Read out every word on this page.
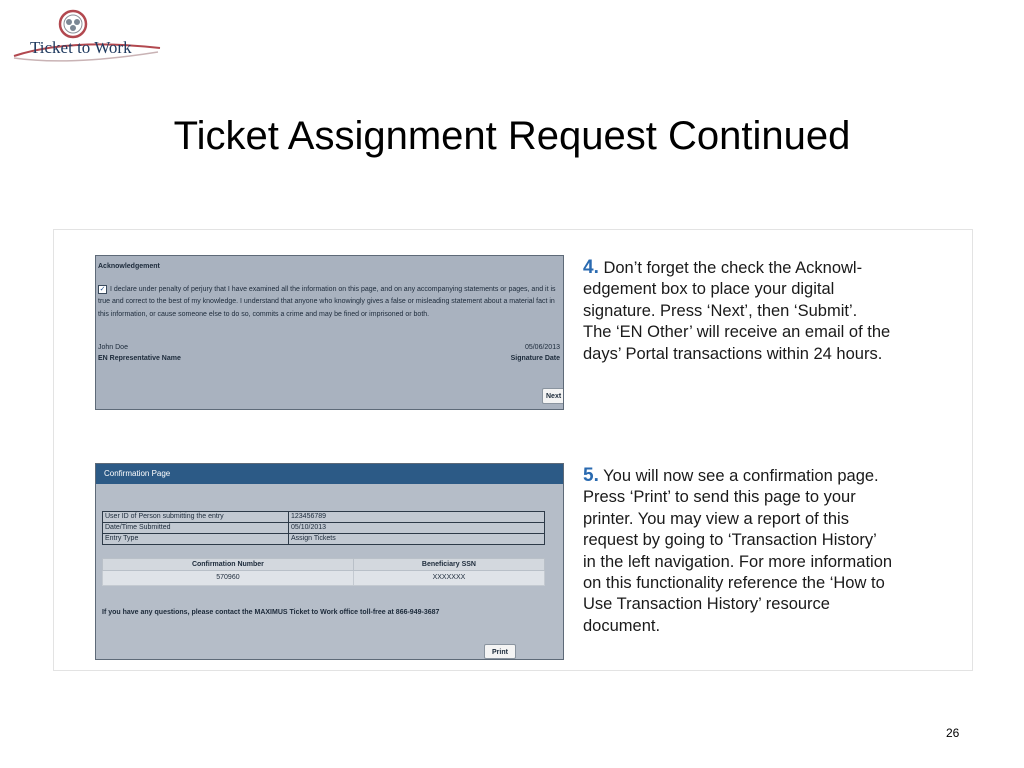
Ticket to Work
Ticket Assignment Request Continued
Acknowledgement
I declare under penalty of perjury that I have examined all the information on this page, and on any accompanying statements or pages, and it is true and correct to the best of my knowledge. I understand that anyone who knowingly gives a false or misleading statement about a material fact in this information, or cause someone else to do so, commits a crime and may be fined or imprisoned or both.
✓
John Doe	05/06/2013
EN Representative Name	Signature Date
Next
Confirmation Page
User ID of Person submitting the entry	123456789
Date/Time Submitted	05/10/2013
Entry Type	Assign Tickets
Confirmation Number	Beneficiary SSN
570960	XXXXXXX
If you have any questions, please contact the MAXIMUS Ticket to Work office toll-free at 866-949-3687
Print
4. Don’t forget the check the Acknowl-
edgement box to place your digital
signature. Press ‘Next’, then ‘Submit’.
The ‘EN Other’ will receive an email of the
days’ Portal transactions within 24 hours.
5. You will now see a confirmation page.
Press ‘Print’ to send this page to your
printer. You may view a report of this
request by going to ‘Transaction History’
in the left navigation. For more information
on this functionality reference the ‘How to
Use Transaction History’ resource
document.
26
